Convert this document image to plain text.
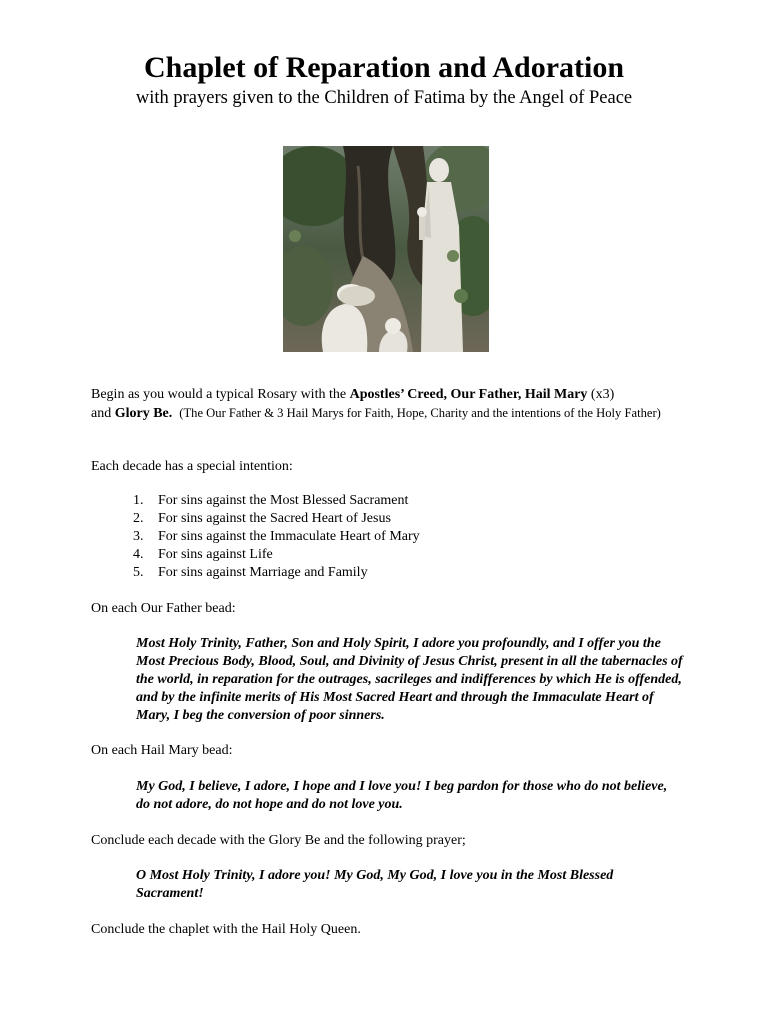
Chaplet of Reparation and Adoration
with prayers given to the Children of Fatima by the Angel of Peace
Begin as you would a typical Rosary with the Apostles’ Creed, Our Father, Hail Mary (x3)
and Glory Be. (The Our Father & 3 Hail Marys for Faith, Hope, Charity and the intentions of the Holy Father)
Each decade has a special intention:
1.	For sins against the Most Blessed Sacrament
2.	For sins against the Sacred Heart of Jesus
3.	For sins against the Immaculate Heart of Mary
4.	For sins against Life
5.	For sins against Marriage and Family
On each Our Father bead:
Most Holy Trinity, Father, Son and Holy Spirit, I adore you profoundly, and I offer you the Most Precious Body, Blood, Soul, and Divinity of Jesus Christ, present in all the tabernacles of the world, in reparation for the outrages, sacrileges and indifferences by which He is offended, and by the infinite merits of His Most Sacred Heart and through the Immaculate Heart of Mary, I beg the conversion of poor sinners.
On each Hail Mary bead:
My God, I believe, I adore, I hope and I love you! I beg pardon for those who do not believe, do not adore, do not hope and do not love you.
Conclude each decade with the Glory Be and the following prayer;
O Most Holy Trinity, I adore you! My God, My God, I love you in the Most Blessed Sacrament!
Conclude the chaplet with the Hail Holy Queen.
